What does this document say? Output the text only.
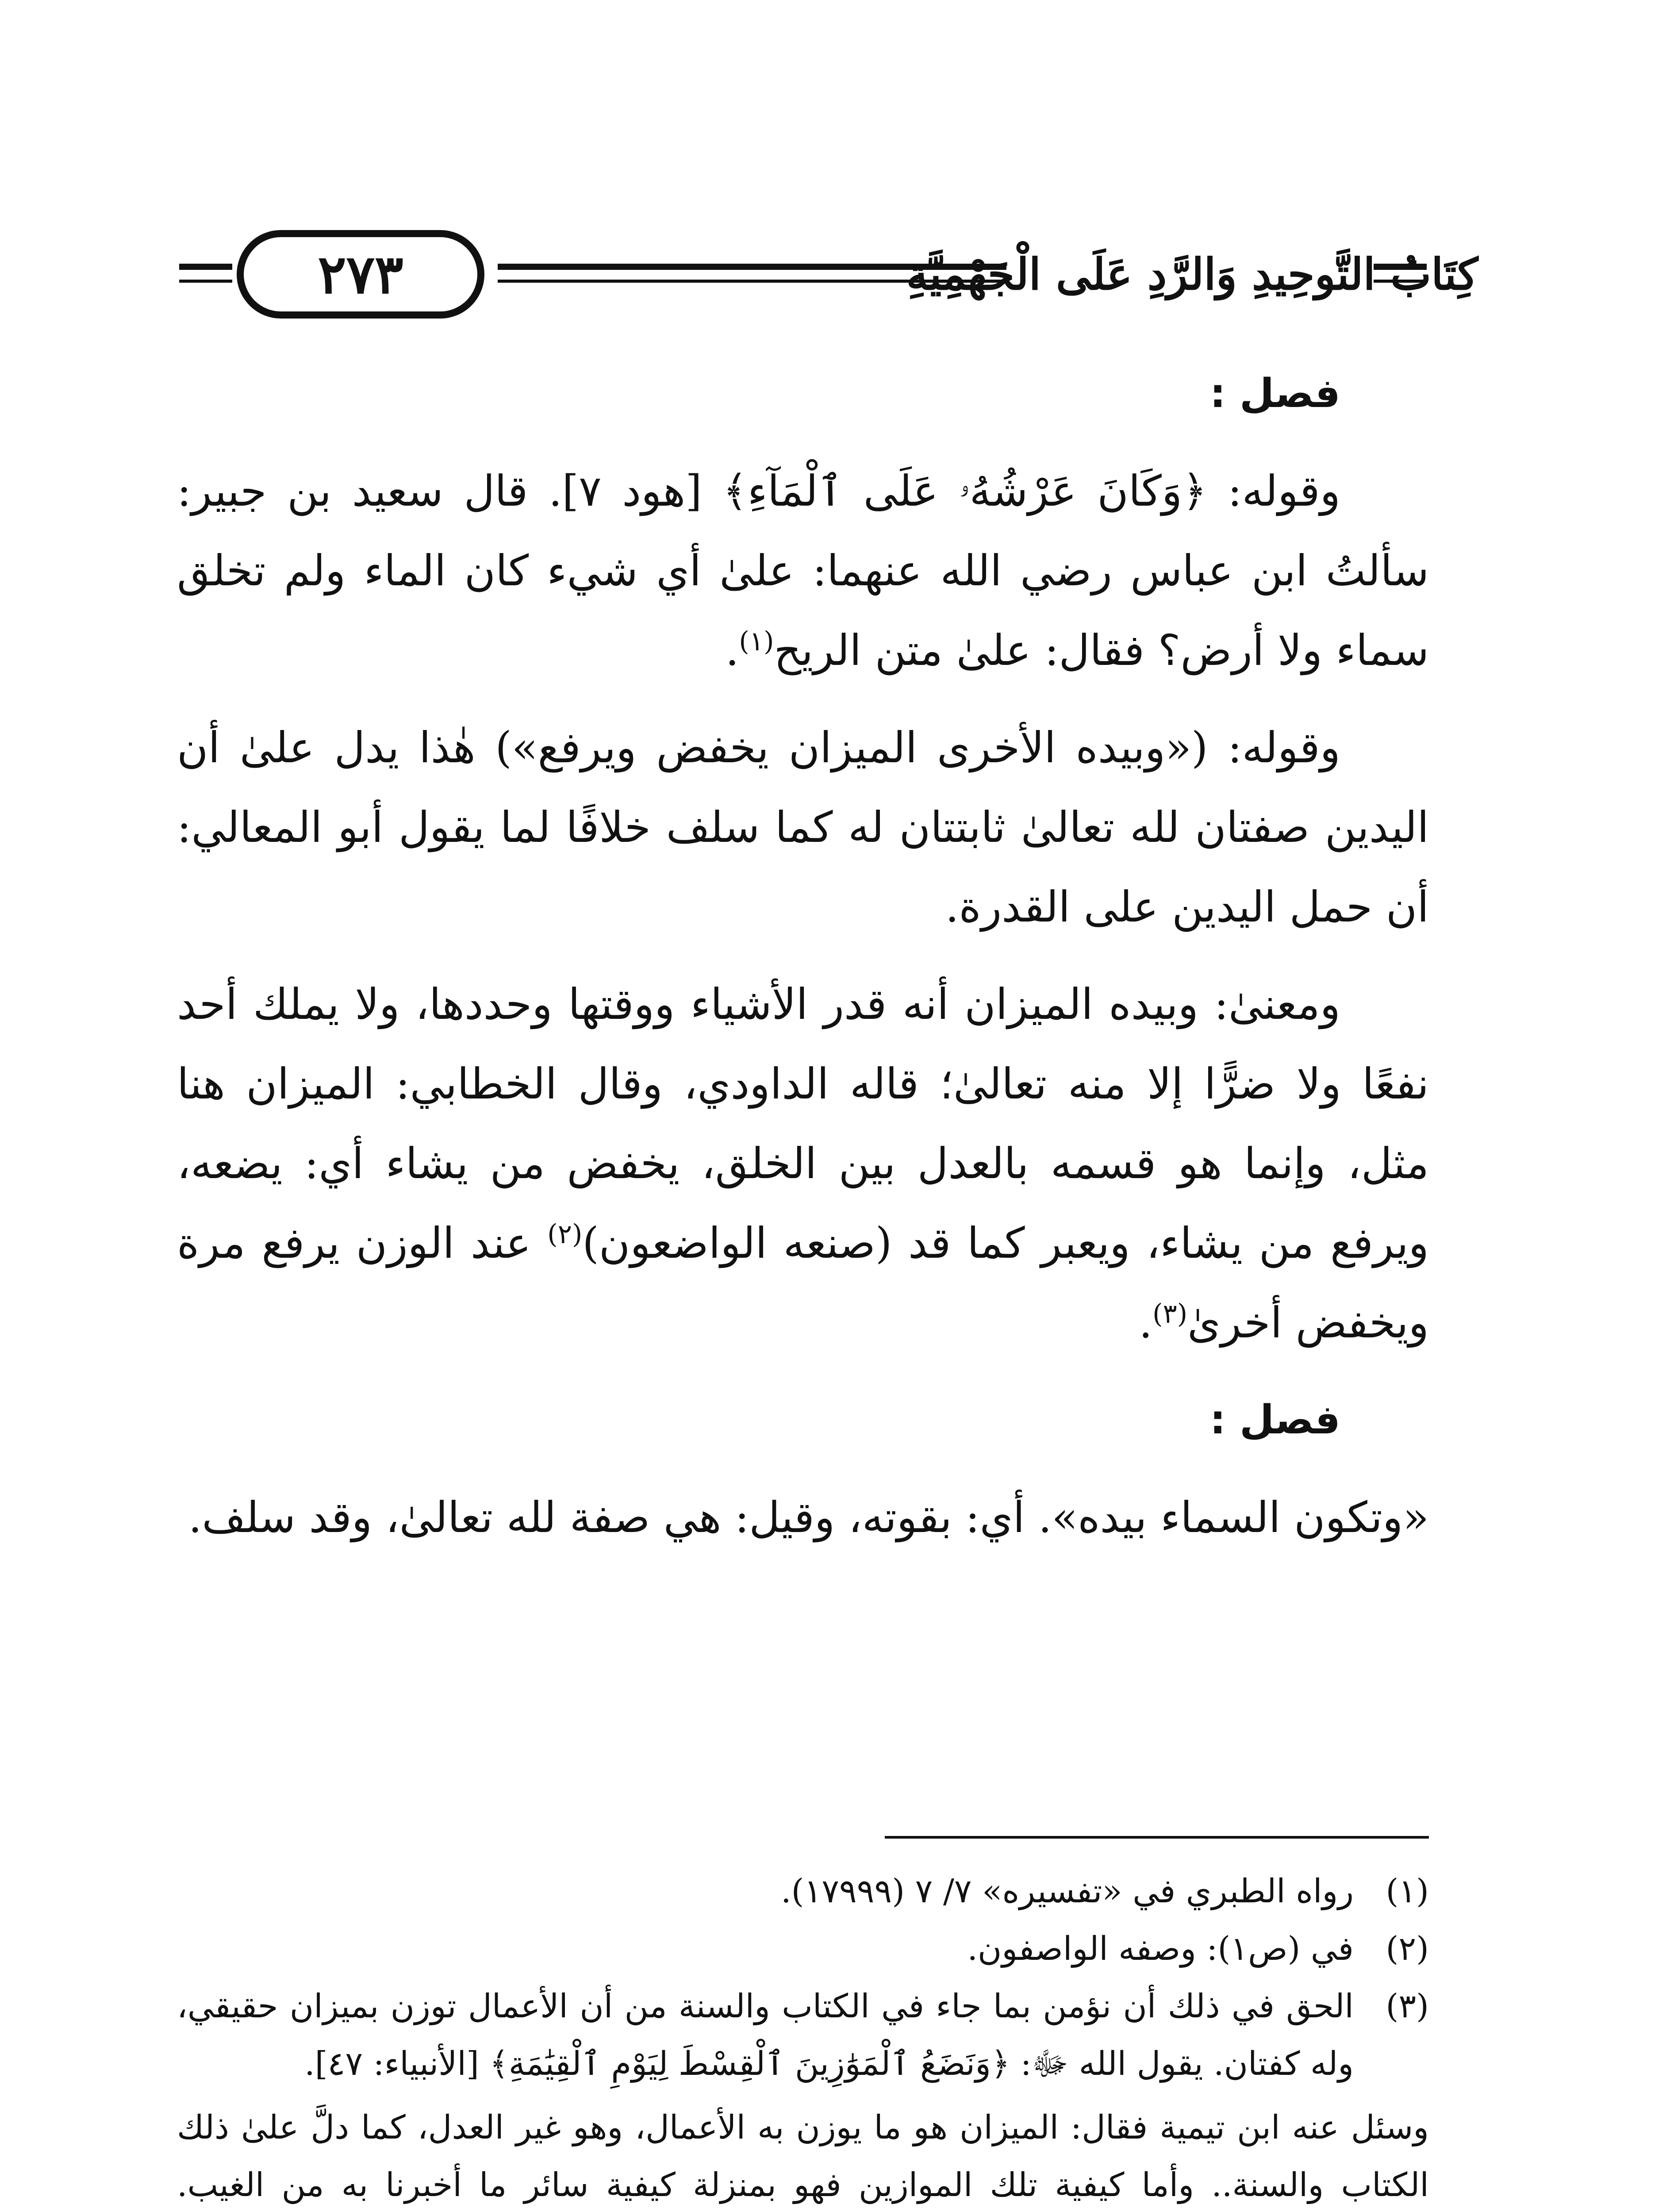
٢٧٣	كِتَابُ التَّوحِيدِ وَالرَّدِ عَلَى الْجَهْمِيَّةِ

فصل :

وقوله: ﴿وَكَانَ عَرْشُهُۥ عَلَى ٱلْمَآءِ﴾ [هود ٧]. قال سعيد بن جبير: سألتُ ابن عباس رضي الله عنهما: علىٰ أي شيء كان الماء ولم تخلق سماء ولا أرض؟ فقال: علىٰ متن الريح$^{(١)}$.

وقوله: («وبيده الأخرى الميزان يخفض ويرفع») هٰذا يدل علىٰ أن اليدين صفتان لله تعالىٰ ثابتتان له كما سلف خلافًا لما يقول أبو المعالي: أن حمل اليدين على القدرة.

ومعنىٰ: وبيده الميزان أنه قدر الأشياء ووقتها وحددها، ولا يملك أحد نفعًا ولا ضرًّا إلا منه تعالىٰ؛ قاله الداودي، وقال الخطابي: الميزان هنا مثل، وإنما هو قسمه بالعدل بين الخلق، يخفض من يشاء أي: يضعه، ويرفع من يشاء، ويعبر كما قد (صنعه الواضعون)$^{(٢)}$ عند الوزن يرفع مرة ويخفض أخرىٰ$^{(٣)}$.

فصل :

«وتكون السماء بيده». أي: بقوته، وقيل: هي صفة لله تعالىٰ، وقد سلف.

(١)
رواه الطبري في «تفسيره» ٧/ ٧ (١٧٩٩٩).
(٢)
في (ص١): وصفه الواصفون.
(٣)
الحق في ذلك أن نؤمن بما جاء في الكتاب والسنة من أن الأعمال توزن بميزان حقيقي، وله كفتان. يقول الله ﷻ: ﴿وَنَضَعُ ٱلْمَوَٰزِينَ ٱلْقِسْطَ لِيَوْمِ ٱلْقِيَٰمَةِ﴾ [الأنبياء: ٤٧].
وسئل عنه ابن تيمية فقال: الميزان هو ما يوزن به الأعمال، وهو غير العدل، كما دلَّ علىٰ ذلك الكتاب والسنة.. وأما كيفية تلك الموازين فهو بمنزلة كيفية سائر ما أخبرنا به من الغيب.
